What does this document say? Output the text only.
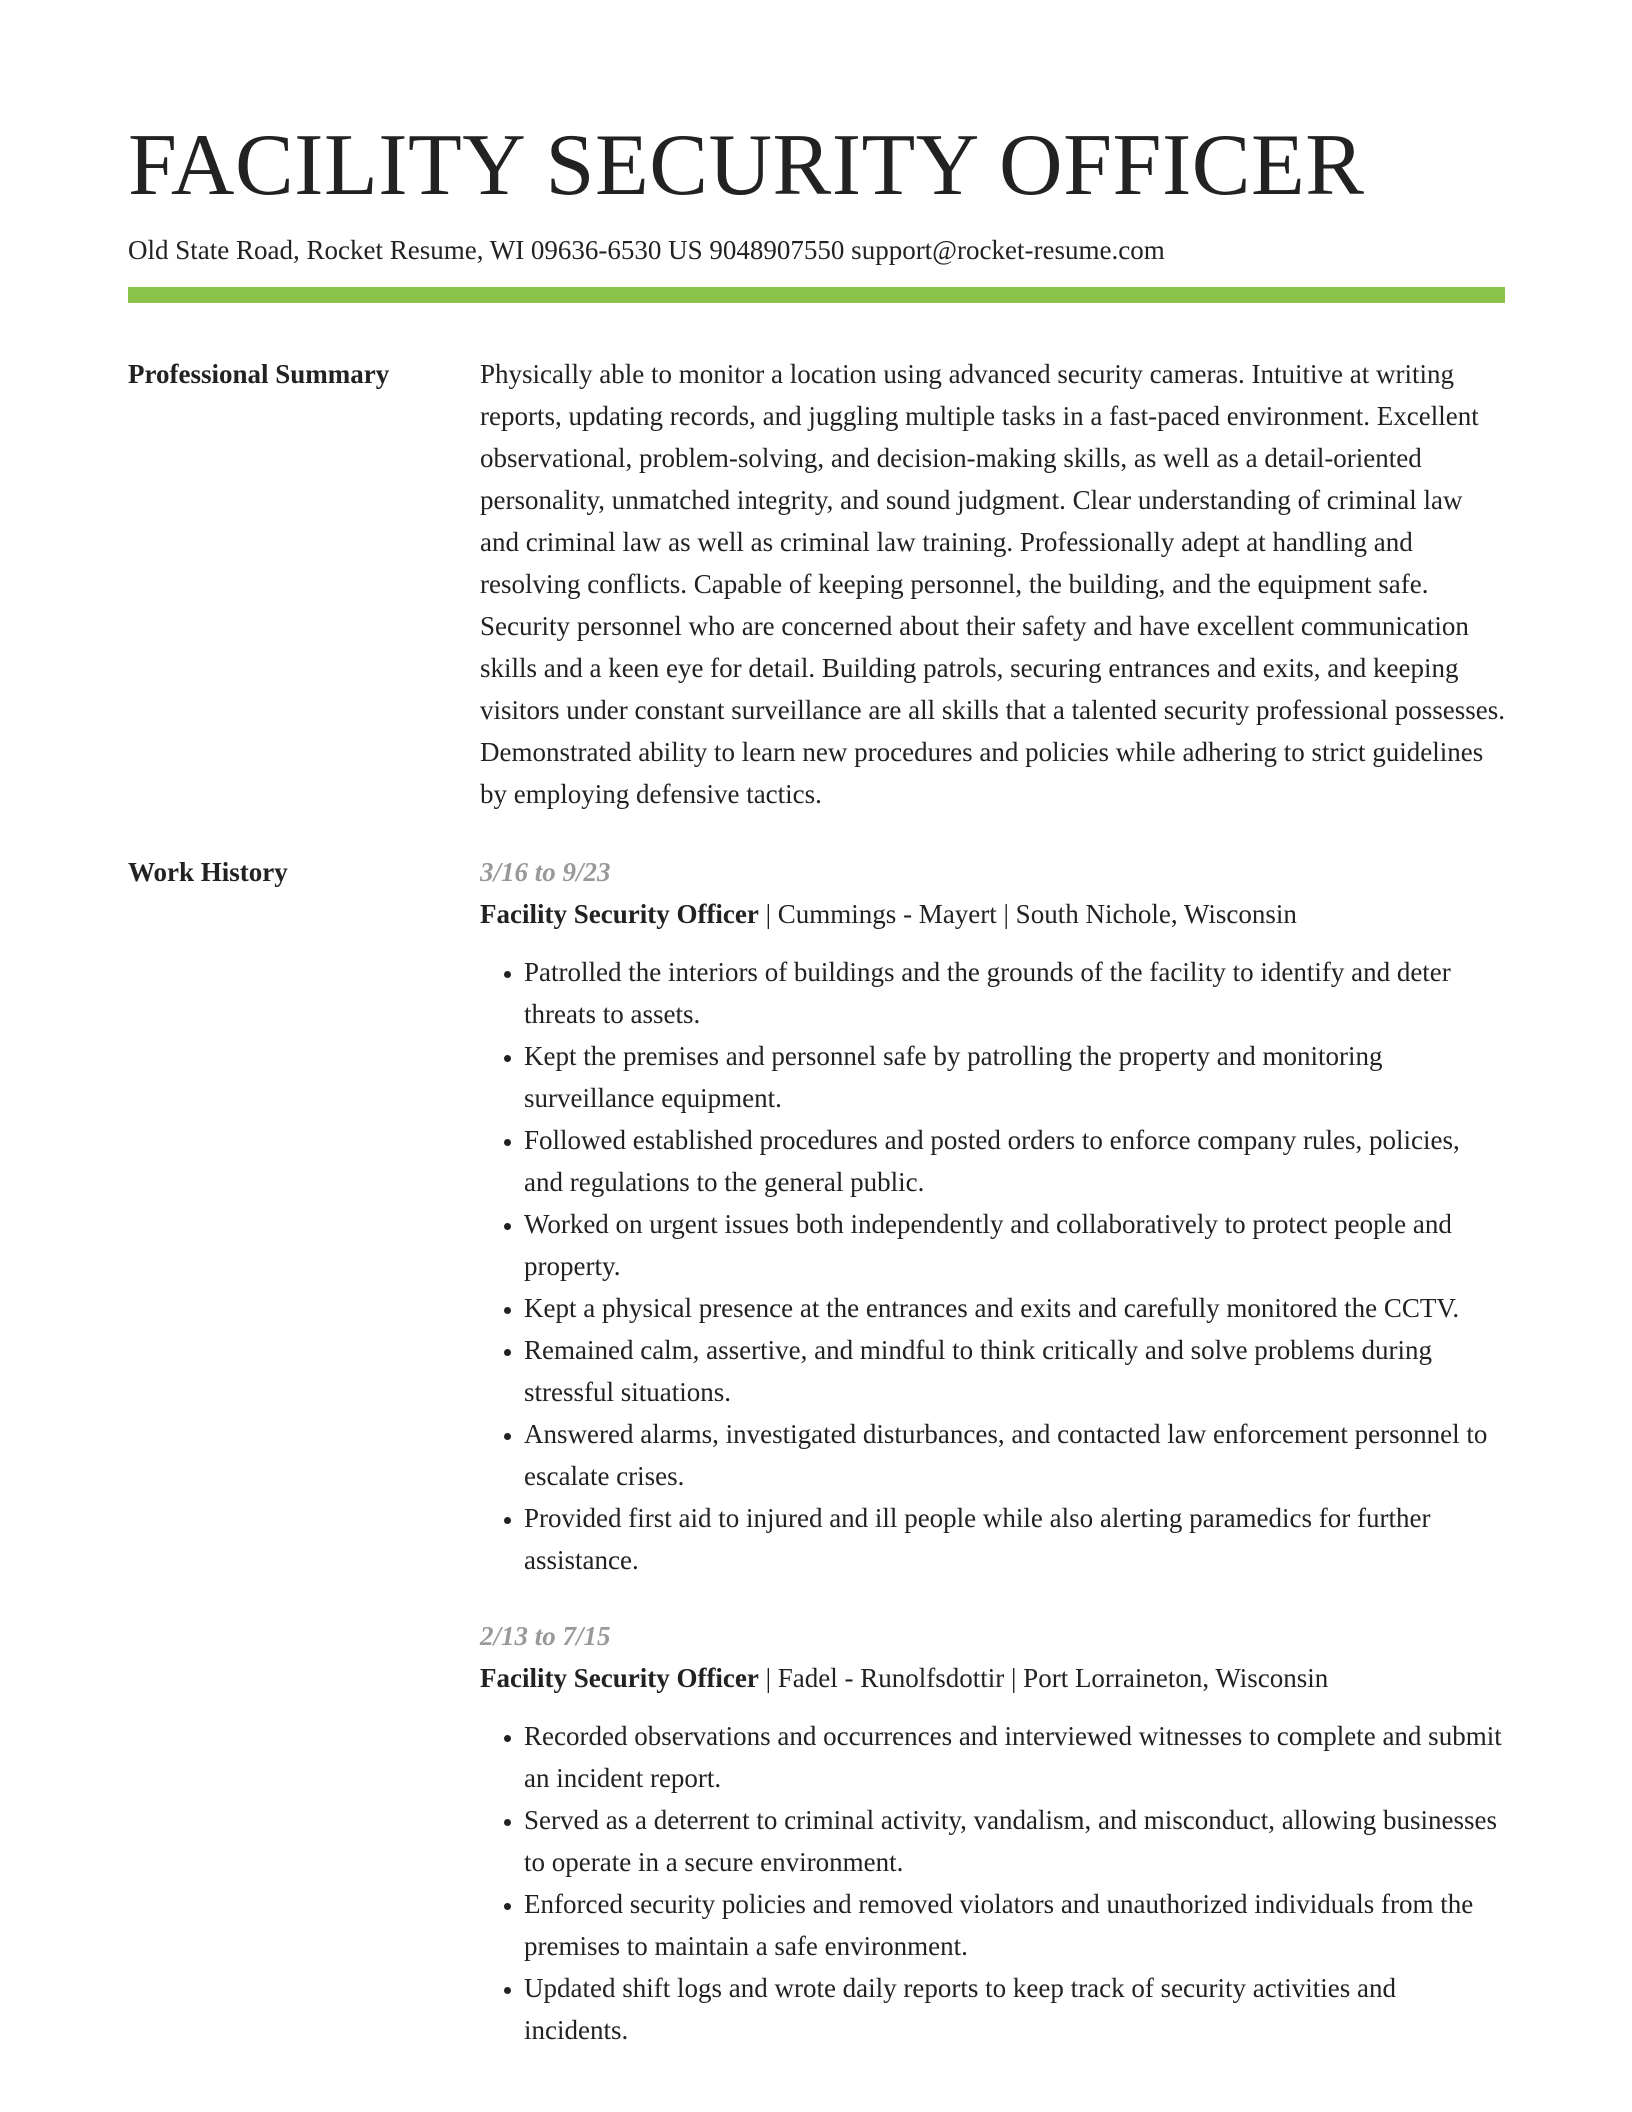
FACILITY SECURITY OFFICER
Old State Road, Rocket Resume, WI 09636-6530 US 9048907550 support@rocket-resume.com
Professional Summary	Physically able to monitor a location using advanced security cameras. Intuitive at writing reports, updating records, and juggling multiple tasks in a fast-paced environment. Excellent observational, problem-solving, and decision-making skills, as well as a detail-oriented personality, unmatched integrity, and sound judgment. Clear understanding of criminal law and criminal law as well as criminal law training. Professionally adept at handling and resolving conflicts. Capable of keeping personnel, the building, and the equipment safe. Security personnel who are concerned about their safety and have excellent communication skills and a keen eye for detail. Building patrols, securing entrances and exits, and keeping visitors under constant surveillance are all skills that a talented security professional possesses. Demonstrated ability to learn new procedures and policies while adhering to strict guidelines by employing defensive tactics.

Work History	3/16 to 9/23
Facility Security Officer | Cummings - Mayert | South Nichole, Wisconsin
• Patrolled the interiors of buildings and the grounds of the facility to identify and deter threats to assets.
• Kept the premises and personnel safe by patrolling the property and monitoring surveillance equipment.
• Followed established procedures and posted orders to enforce company rules, policies, and regulations to the general public.
• Worked on urgent issues both independently and collaboratively to protect people and property.
• Kept a physical presence at the entrances and exits and carefully monitored the CCTV.
• Remained calm, assertive, and mindful to think critically and solve problems during stressful situations.
• Answered alarms, investigated disturbances, and contacted law enforcement personnel to escalate crises.
• Provided first aid to injured and ill people while also alerting paramedics for further assistance.
2/13 to 7/15
Facility Security Officer | Fadel - Runolfsdottir | Port Lorraineton, Wisconsin
• Recorded observations and occurrences and interviewed witnesses to complete and submit an incident report.
• Served as a deterrent to criminal activity, vandalism, and misconduct, allowing businesses to operate in a secure environment.
• Enforced security policies and removed violators and unauthorized individuals from the premises to maintain a safe environment.
• Updated shift logs and wrote daily reports to keep track of security activities and incidents.
